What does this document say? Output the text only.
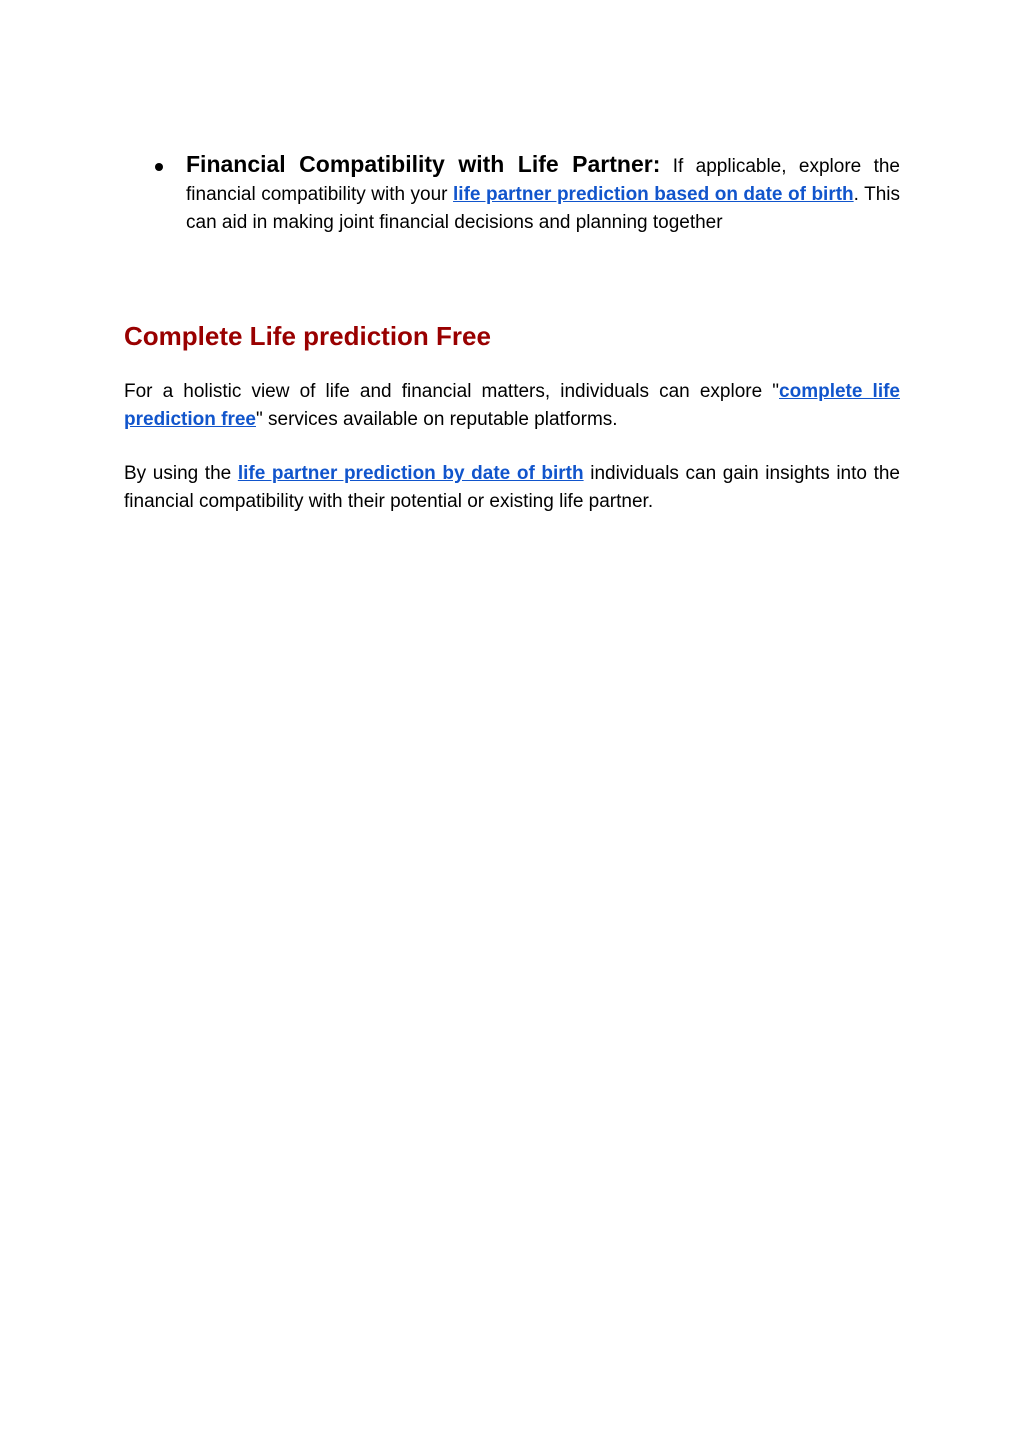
Financial Compatibility with Life Partner: If applicable, explore the financial compatibility with your life partner prediction based on date of birth. This can aid in making joint financial decisions and planning together
Complete Life prediction Free

For a holistic view of life and financial matters, individuals can explore "complete life prediction free" services available on reputable platforms.

By using the life partner prediction by date of birth individuals can gain insights into the financial compatibility with their potential or existing life partner.
